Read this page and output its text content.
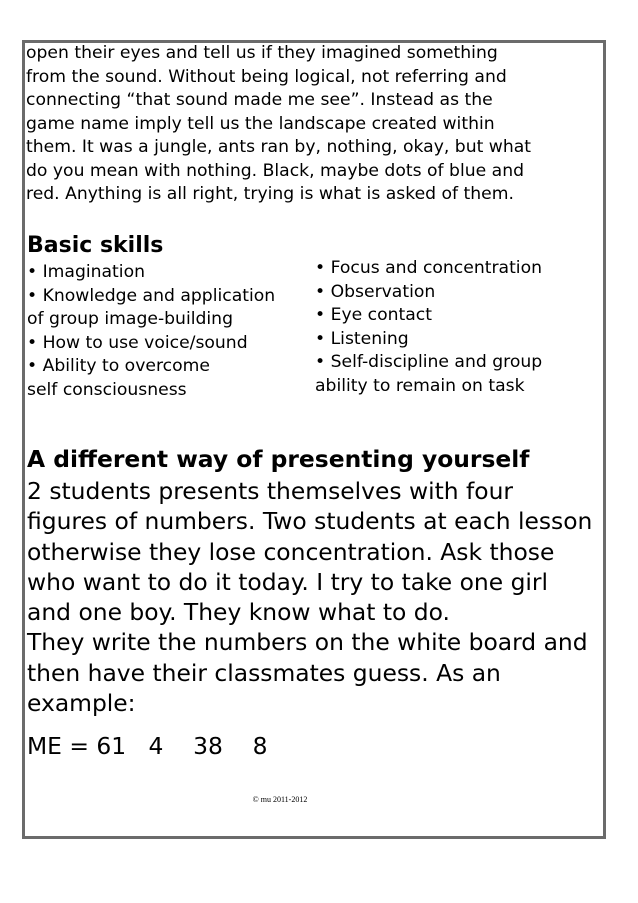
open their eyes and tell us if they imagined something
from the sound. Without being logical, not referring and
connecting “that sound made me see”. Instead as the
game name imply tell us the landscape created within
them. It was a jungle, ants ran by, nothing, okay, but what
do you mean with nothing. Black, maybe dots of blue and
red. Anything is all right, trying is what is asked of them.

Basic skills

• Imagination
• Knowledge and application
of group image-building
• How to use voice/sound
• Ability to overcome
self consciousness

• Focus and concentration
• Observation
• Eye contact
• Listening
• Self-discipline and group
ability to remain on task

A different way of presenting yourself

2 students presents themselves with four
figures of numbers. Two students at each lesson
otherwise they lose concentration. Ask those
who want to do it today. I try to take one girl
and one boy. They know what to do.
They write the numbers on the white board and
then have their classmates guess. As an
example:

ME = 61   4    38    8

© mu 2011-2012
